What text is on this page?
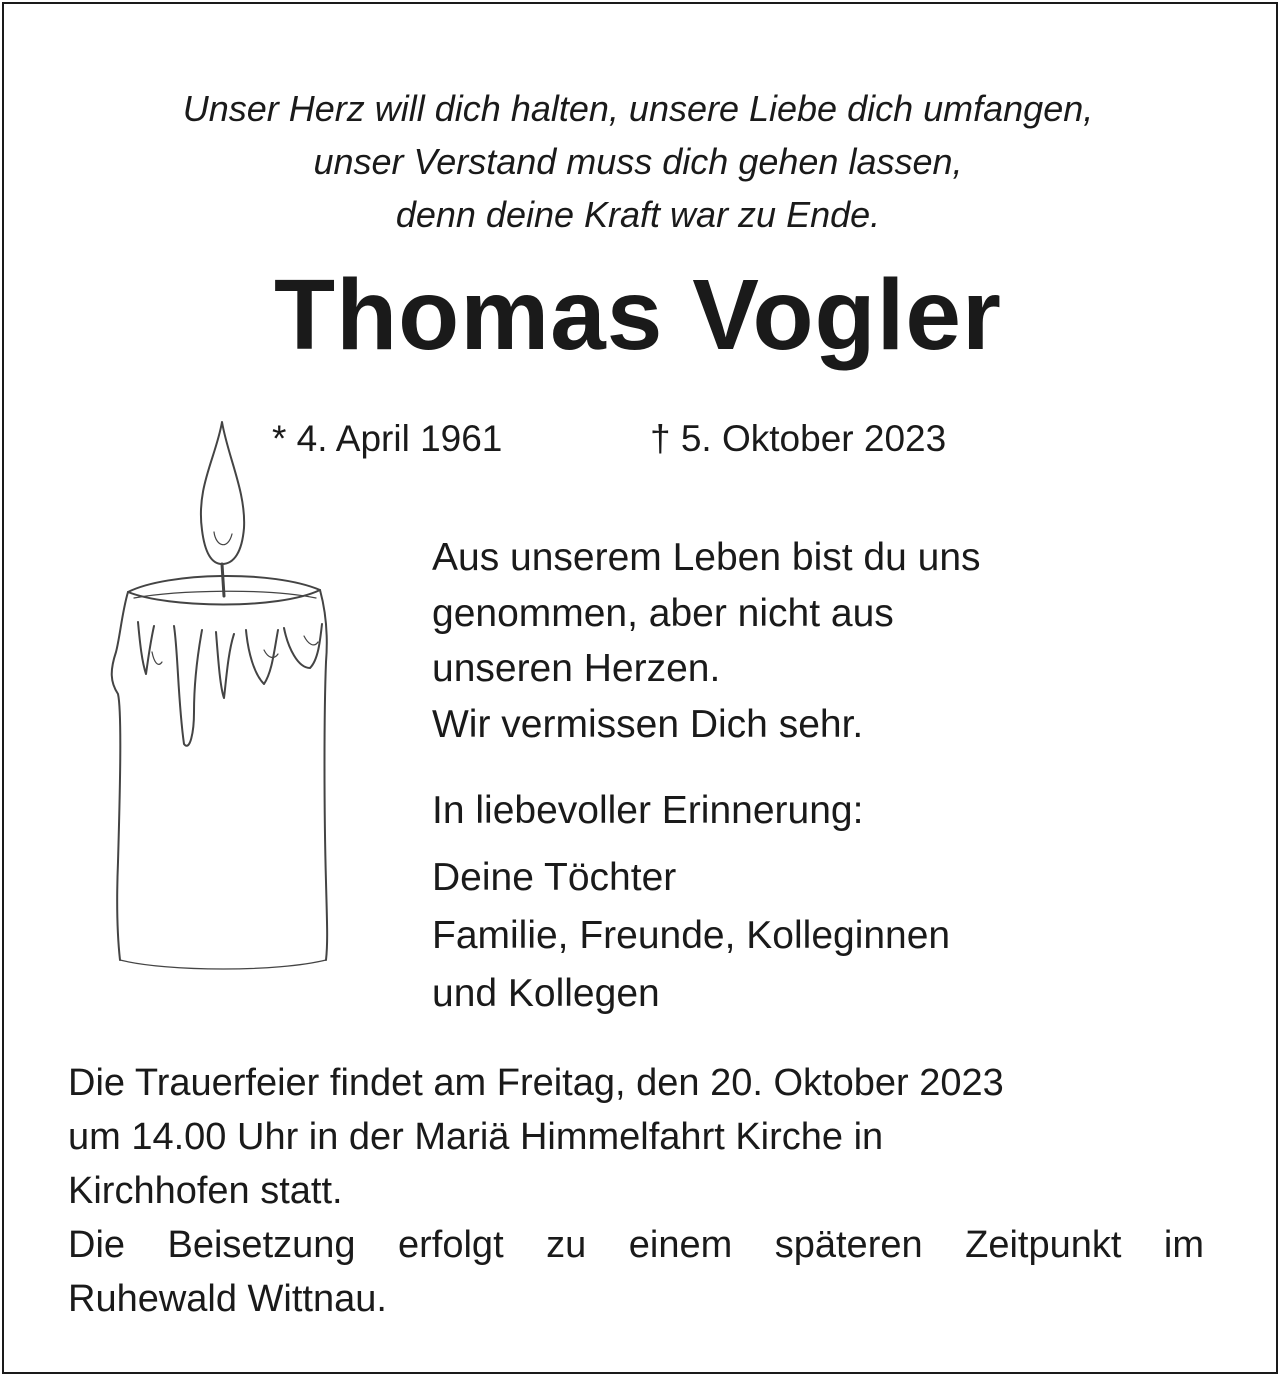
Unser Herz will dich halten, unsere Liebe dich umfangen,
unser Verstand muss dich gehen lassen,
denn deine Kraft war zu Ende.
Thomas Vogler
* 4. April 1961	† 5. Oktober 2023
Aus unserem Leben bist du uns
genommen, aber nicht aus
unseren Herzen.
Wir vermissen Dich sehr.
In liebevoller Erinnerung:
Deine Töchter
Familie, Freunde, Kolleginnen
und Kollegen
Die Trauerfeier findet am Freitag, den 20. Oktober 2023
um 14.00 Uhr in der Mariä Himmelfahrt Kirche in
Kirchhofen statt.
Die Beisetzung erfolgt zu einem späteren Zeitpunkt im
Ruhewald Wittnau.
